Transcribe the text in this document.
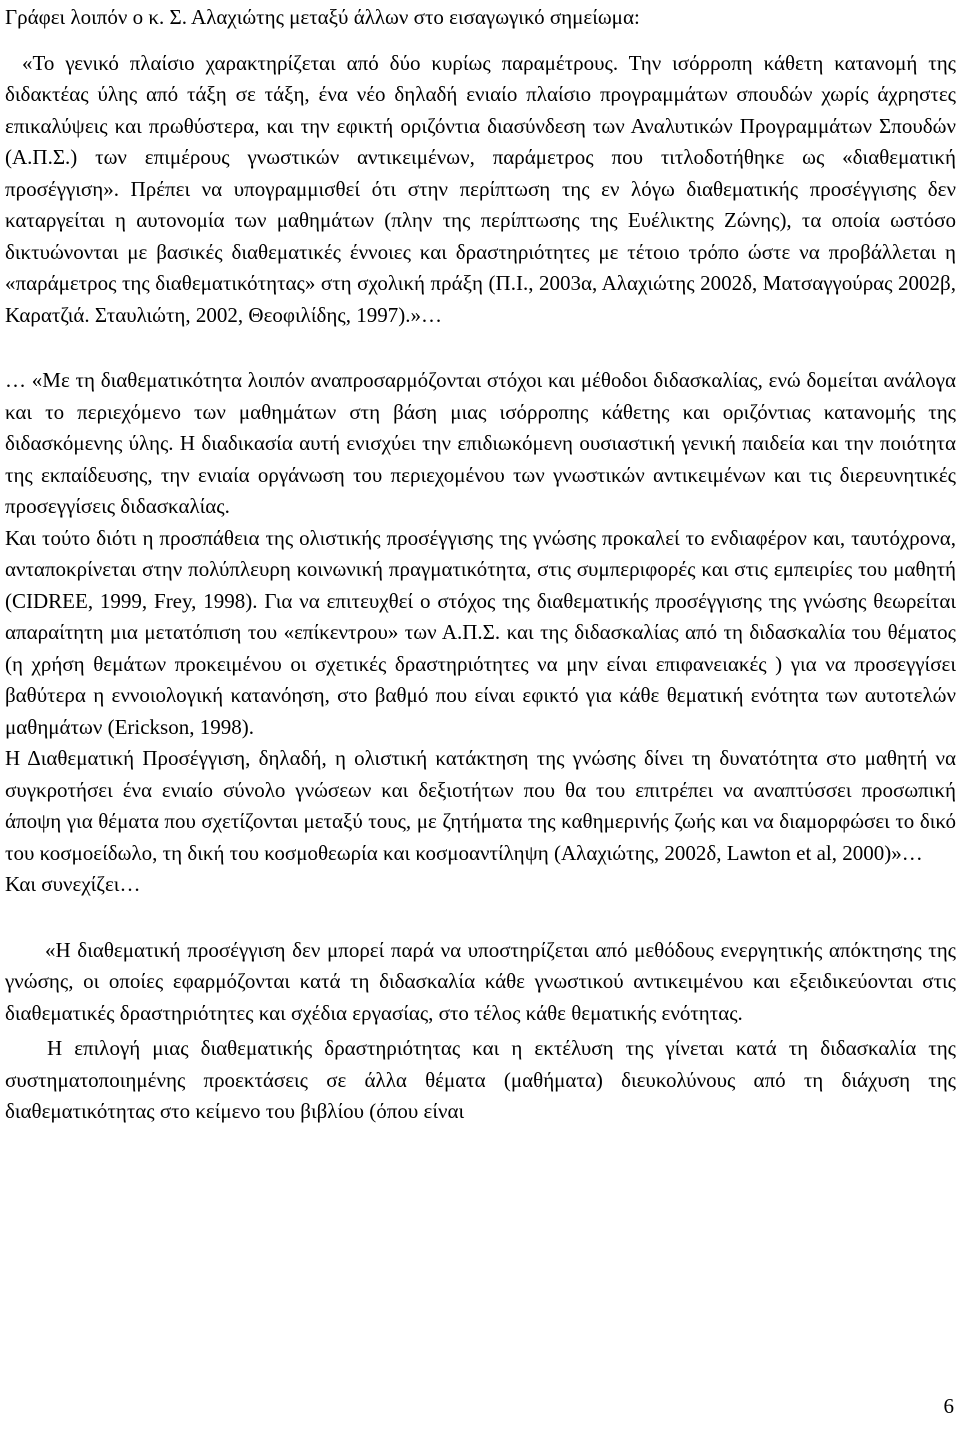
Γράφει λοιπόν ο κ. Σ. Αλαχιώτης μεταξύ άλλων στο εισαγωγικό σημείωμα:

«Το γενικό πλαίσιο χαρακτηρίζεται από δύο κυρίως παραμέτρους. Την ισόρροπη κάθετη κατανομή της διδακτέας ύλης από τάξη σε τάξη, ένα νέο δηλαδή ενιαίο πλαίσιο προγραμμάτων σπουδών χωρίς άχρηστες επικαλύψεις και πρωθύστερα, και την εφικτή οριζόντια διασύνδεση των Αναλυτικών Προγραμμάτων Σπουδών (Α.Π.Σ.) των επιμέρους γνωστικών αντικειμένων, παράμετρος που τιτλοδοτήθηκε ως «διαθεματική προσέγγιση». Πρέπει να υπογραμμισθεί ότι στην περίπτωση της εν λόγω διαθεματικής προσέγγισης δεν καταργείται η αυτονομία των μαθημάτων (πλην της περίπτωσης της Ευέλικτης Ζώνης), τα οποία ωστόσο δικτυώνονται με βασικές διαθεματικές έννοιες και δραστηριότητες με τέτοιο τρόπο ώστε να προβάλλεται η «παράμετρος της διαθεματικότητας» στη σχολική πράξη (Π.Ι., 2003α, Αλαχιώτης 2002δ, Ματσαγγούρας 2002β, Καρατζιά. Σταυλιώτη, 2002, Θεοφιλίδης, 1997).»…

… «Με τη διαθεματικότητα λοιπόν αναπροσαρμόζονται στόχοι και μέθοδοι διδασκαλίας, ενώ δομείται ανάλογα και το περιεχόμενο των μαθημάτων στη βάση μιας ισόρροπης κάθετης και οριζόντιας κατανομής της διδασκόμενης ύλης. Η διαδικασία αυτή ενισχύει την επιδιωκόμενη ουσιαστική γενική παιδεία και την ποιότητα της εκπαίδευσης, την ενιαία οργάνωση του περιεχομένου των γνωστικών αντικειμένων και τις διερευνητικές προσεγγίσεις διδασκαλίας.

Και τούτο διότι η προσπάθεια της ολιστικής προσέγγισης της γνώσης προκαλεί το ενδιαφέρον και, ταυτόχρονα, ανταποκρίνεται στην πολύπλευρη κοινωνική πραγματικότητα, στις συμπεριφορές και στις εμπειρίες του μαθητή (CIDREE, 1999, Frey, 1998). Για να επιτευχθεί ο στόχος της διαθεματικής προσέγγισης της γνώσης θεωρείται απαραίτητη μια μετατόπιση του «επίκεντρου» των Α.Π.Σ. και της διδασκαλίας από τη διδασκαλία του θέματος (η χρήση θεμάτων προκειμένου οι σχετικές δραστηριότητες να μην είναι επιφανειακές ) για να προσεγγίσει βαθύτερα η εννοιολογική κατανόηση, στο βαθμό που είναι εφικτό για κάθε θεματική ενότητα των αυτοτελών μαθημάτων (Erickson, 1998).

Η Διαθεματική Προσέγγιση, δηλαδή, η ολιστική κατάκτηση της γνώσης δίνει τη δυνατότητα στο μαθητή να συγκροτήσει ένα ενιαίο σύνολο γνώσεων και δεξιοτήτων που θα του επιτρέπει να αναπτύσσει προσωπική άποψη για θέματα που σχετίζονται μεταξύ τους, με ζητήματα της καθημερινής ζωής και να διαμορφώσει το δικό του κοσμοείδωλο, τη δική του κοσμοθεωρία και κοσμοαντίληψη (Αλαχιώτης, 2002δ, Lawton et al, 2000)»…

Και συνεχίζει…

«Η διαθεματική προσέγγιση δεν μπορεί παρά να υποστηρίζεται από μεθόδους ενεργητικής απόκτησης της γνώσης, οι οποίες εφαρμόζονται κατά τη διδασκαλία κάθε γνωστικού αντικειμένου και εξειδικεύονται στις διαθεματικές δραστηριότητες και σχέδια εργασίας, στο τέλος κάθε θεματικής ενότητας.

Η επιλογή μιας διαθεματικής δραστηριότητας και η εκτέλυση της γίνεται κατά τη διδασκαλία της συστηματοποιημένης προεκτάσεις σε άλλα θέματα (μαθήματα) διευκολύνους από τη διάχυση της διαθεματικότητας στο κείμενο του βιβλίου (όπου είναι

6
